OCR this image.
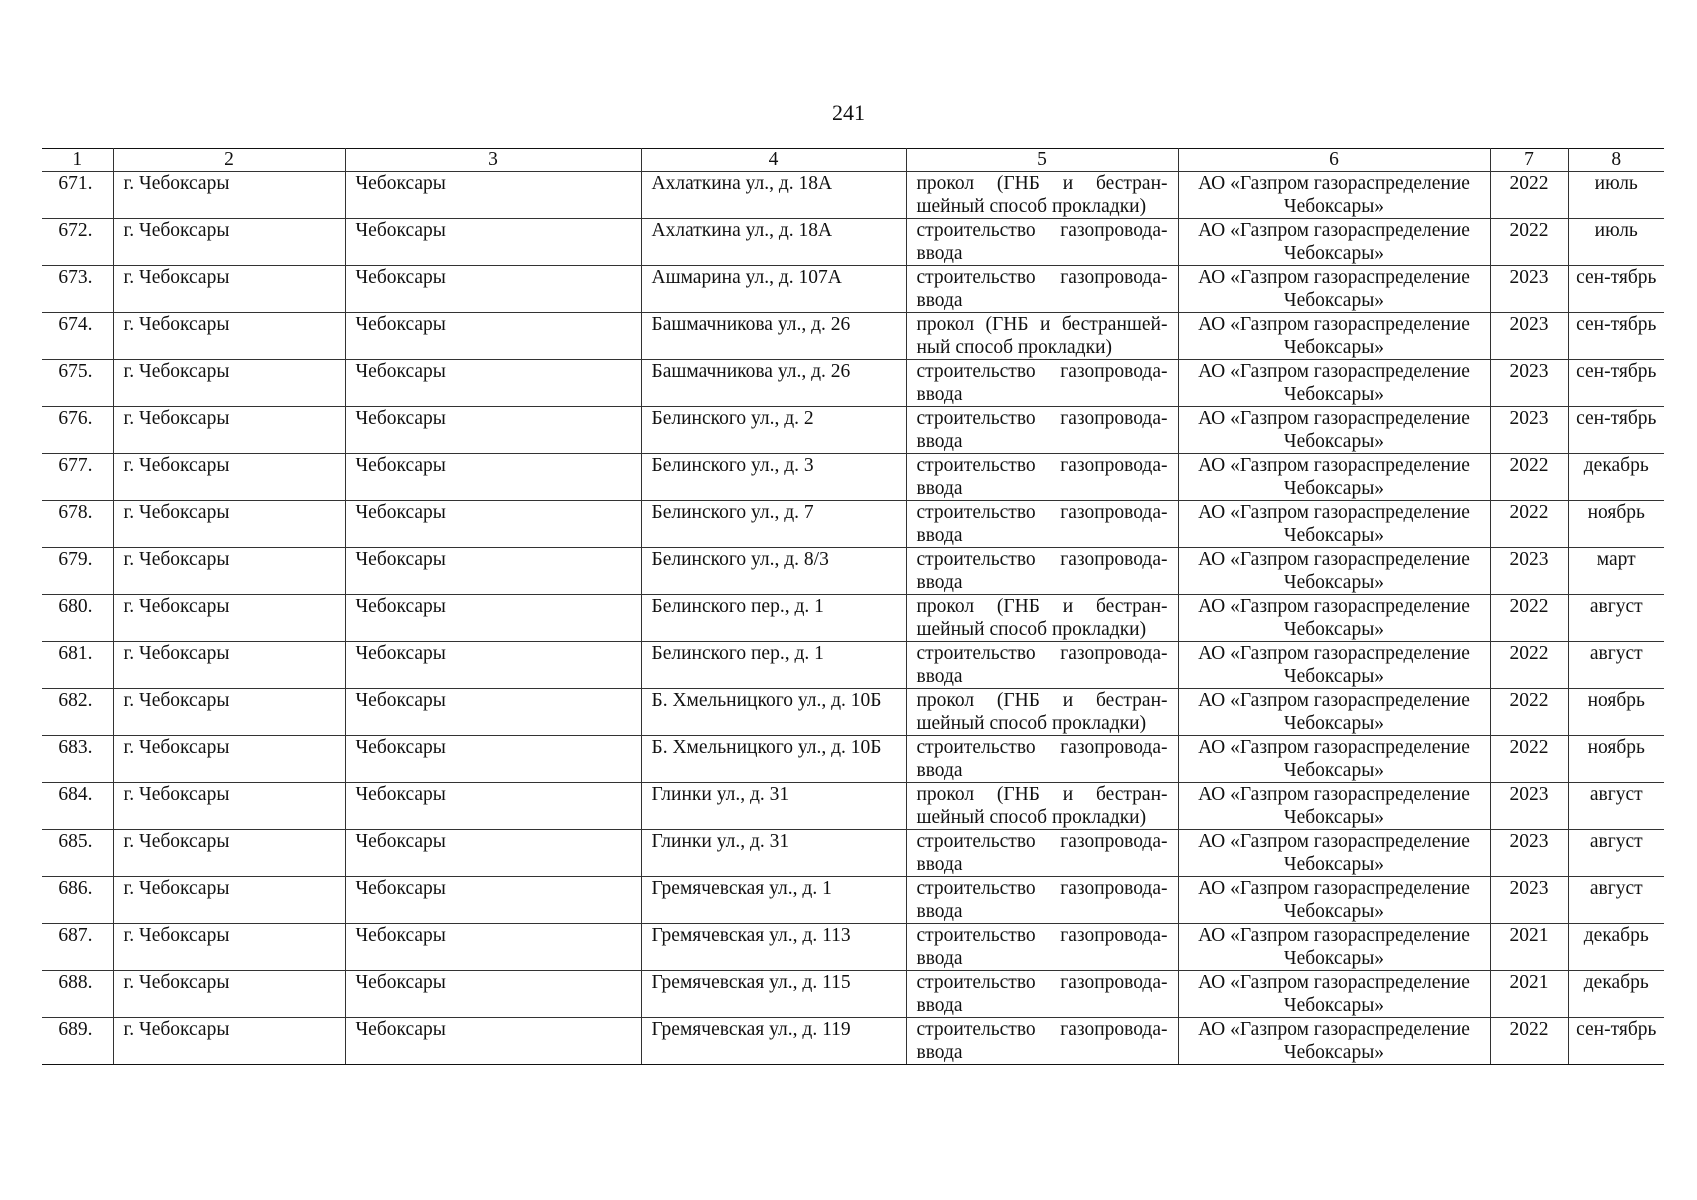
241
1	2	3	4	5	6	7	8
671.	г. Чебоксары	Чебоксары	Ахлаткина ул., д. 18А	прокол (ГНБ и бестран-шейный способ прокладки)	АО «Газпром газораспределение Чебоксары»	2022	июль
672.	г. Чебоксары	Чебоксары	Ахлаткина ул., д. 18А	строительство газопровода-ввода	АО «Газпром газораспределение Чебоксары»	2022	июль
673.	г. Чебоксары	Чебоксары	Ашмарина ул., д. 107А	строительство газопровода-ввода	АО «Газпром газораспределение Чебоксары»	2023	сен-тябрь
674.	г. Чебоксары	Чебоксары	Башмачникова ул., д. 26	прокол (ГНБ и бестраншей-ный способ прокладки)	АО «Газпром газораспределение Чебоксары»	2023	сен-тябрь
675.	г. Чебоксары	Чебоксары	Башмачникова ул., д. 26	строительство газопровода-ввода	АО «Газпром газораспределение Чебоксары»	2023	сен-тябрь
676.	г. Чебоксары	Чебоксары	Белинского ул., д. 2	строительство газопровода-ввода	АО «Газпром газораспределение Чебоксары»	2023	сен-тябрь
677.	г. Чебоксары	Чебоксары	Белинского ул., д. 3	строительство газопровода-ввода	АО «Газпром газораспределение Чебоксары»	2022	декабрь
678.	г. Чебоксары	Чебоксары	Белинского ул., д. 7	строительство газопровода-ввода	АО «Газпром газораспределение Чебоксары»	2022	ноябрь
679.	г. Чебоксары	Чебоксары	Белинского ул., д. 8/3	строительство газопровода-ввода	АО «Газпром газораспределение Чебоксары»	2023	март
680.	г. Чебоксары	Чебоксары	Белинского пер., д. 1	прокол (ГНБ и бестран-шейный способ прокладки)	АО «Газпром газораспределение Чебоксары»	2022	август
681.	г. Чебоксары	Чебоксары	Белинского пер., д. 1	строительство газопровода-ввода	АО «Газпром газораспределение Чебоксары»	2022	август
682.	г. Чебоксары	Чебоксары	Б. Хмельницкого ул., д. 10Б	прокол (ГНБ и бестран-шейный способ прокладки)	АО «Газпром газораспределение Чебоксары»	2022	ноябрь
683.	г. Чебоксары	Чебоксары	Б. Хмельницкого ул., д. 10Б	строительство газопровода-ввода	АО «Газпром газораспределение Чебоксары»	2022	ноябрь
684.	г. Чебоксары	Чебоксары	Глинки ул., д. 31	прокол (ГНБ и бестран-шейный способ прокладки)	АО «Газпром газораспределение Чебоксары»	2023	август
685.	г. Чебоксары	Чебоксары	Глинки ул., д. 31	строительство газопровода-ввода	АО «Газпром газораспределение Чебоксары»	2023	август
686.	г. Чебоксары	Чебоксары	Гремячевская ул., д. 1	строительство газопровода-ввода	АО «Газпром газораспределение Чебоксары»	2023	август
687.	г. Чебоксары	Чебоксары	Гремячевская ул., д. 113	строительство газопровода-ввода	АО «Газпром газораспределение Чебоксары»	2021	декабрь
688.	г. Чебоксары	Чебоксары	Гремячевская ул., д. 115	строительство газопровода-ввода	АО «Газпром газораспределение Чебоксары»	2021	декабрь
689.	г. Чебоксары	Чебоксары	Гремячевская ул., д. 119	строительство газопровода-ввода	АО «Газпром газораспределение Чебоксары»	2022	сен-тябрь
